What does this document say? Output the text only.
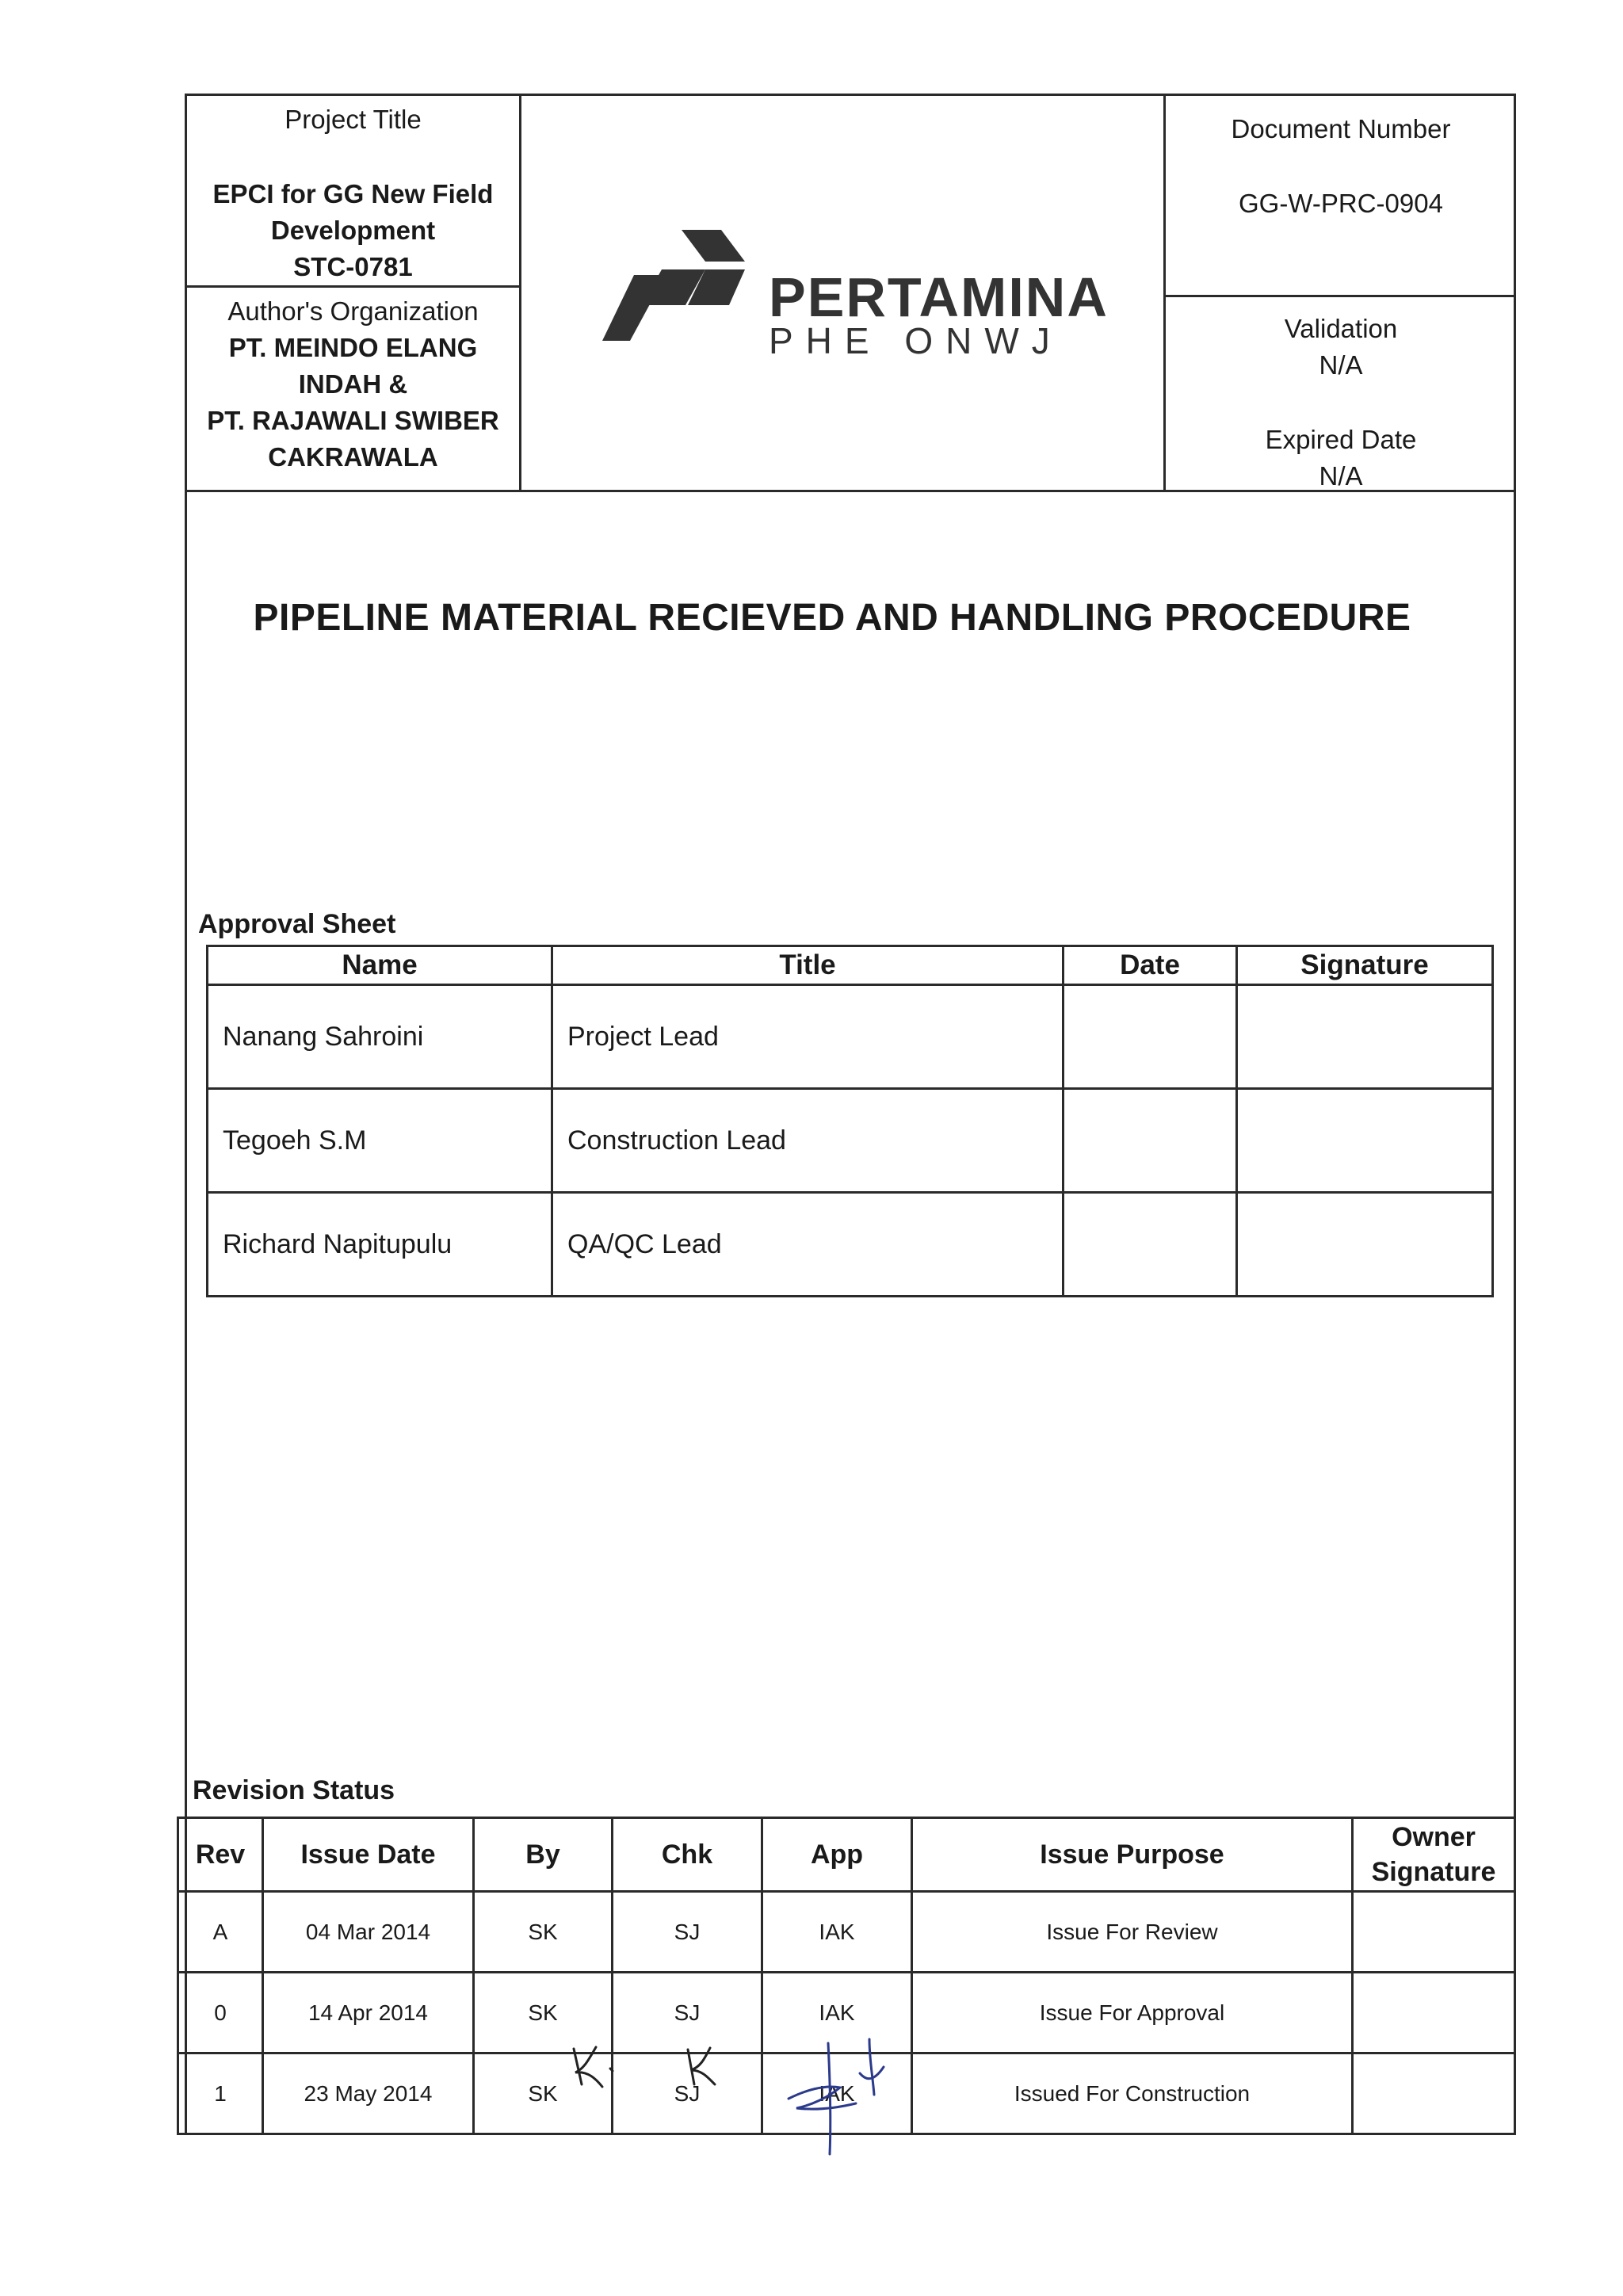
Project Title
EPCI for GG New Field
Development
STC-0781
Author's Organization
PT. MEINDO ELANG
INDAH &
PT. RAJAWALI SWIBER
CAKRAWALA
PERTAMINA
PHE ONWJ
Document Number
GG-W-PRC-0904
Validation
N/A
Expired Date
N/A
PIPELINE MATERIAL RECIEVED AND HANDLING PROCEDURE
Approval Sheet
Name	Title	Date	Signature
Nanang Sahroini	Project Lead		
Tegoeh S.M	Construction Lead		
Richard Napitupulu	QA/QC Lead		
Revision Status
Rev	Issue Date	By	Chk	App	Issue Purpose	Owner Signature
A	04 Mar 2014	SK	SJ	IAK	Issue For Review	
0	14 Apr 2014	SK	SJ	IAK	Issue For Approval	
1	23 May 2014	SK	SJ	IAK	Issued For Construction	
